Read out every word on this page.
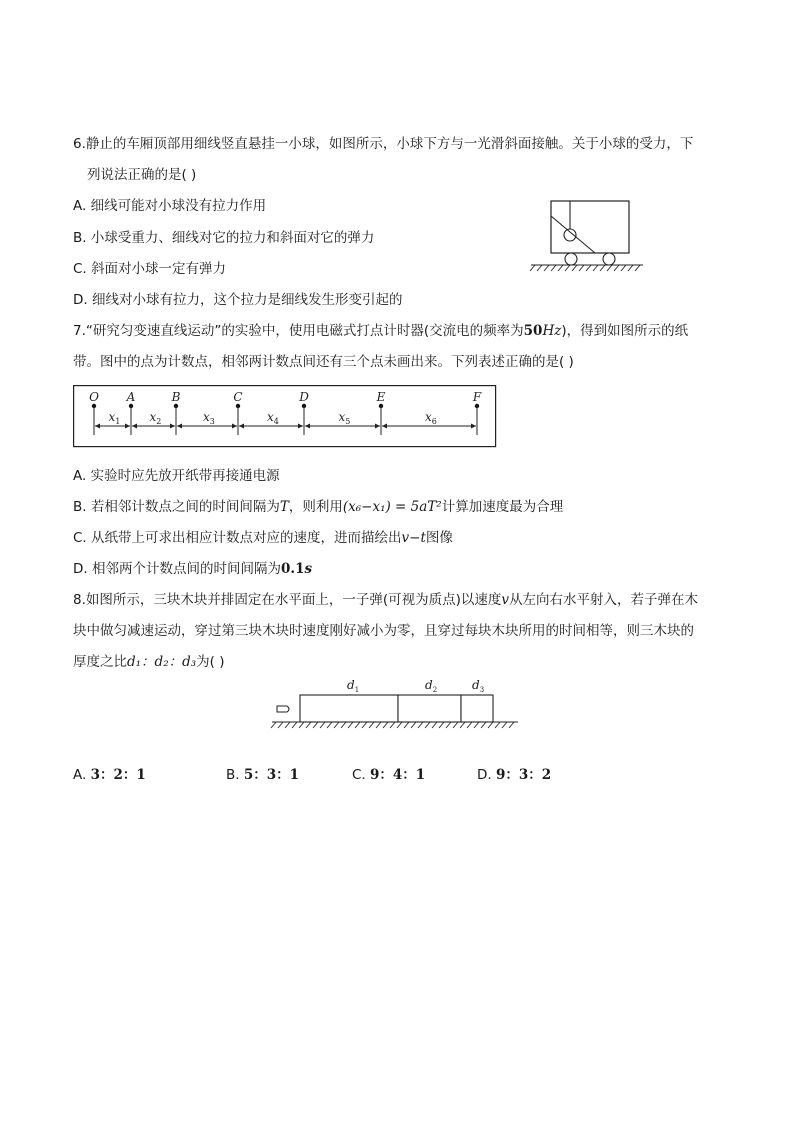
6.静止的车厢顶部用细线竖直悬挂一小球，如图所示，小球下方与一光滑斜面接触。关于小球的受力，下
列说法正确的是( )
A. 细线可能对小球没有拉力作用
B. 小球受重力、细线对它的拉力和斜面对它的弹力
C. 斜面对小球一定有弹力
D. 细线对小球有拉力，这个拉力是细线发生形变引起的
7.“研究匀变速直线运动”的实验中，使用电磁式打点计时器(交流电的频率为50Hz)，得到如图所示的纸
带。图中的点为计数点，相邻两计数点间还有三个点未画出来。下列表述正确的是( )
O A	B	C	D	E	F
$x_1$ $x_2$	$x_3$	$x_4$	$x_5$	$x_6$
A. 实验时应先放开纸带再接通电源
B. 若相邻计数点之间的时间间隔为T，则利用(x₆−x₁) = 5aT²计算加速度最为合理
C. 从纸带上可求出相应计数点对应的速度，进而描绘出v−t图像
D. 相邻两个计数点间的时间间隔为0.1s
8.如图所示，三块木块并排固定在水平面上，一子弹(可视为质点)以速度v从左向右水平射入，若子弹在木
块中做匀减速运动，穿过第三块木块时速度刚好减小为零，且穿过每块木块所用的时间相等，则三木块的
厚度之比d₁：d₂：d₃为( )
$d_1$	$d_2$	$d_3$
A. 3：2：1	B. 5：3：1	C. 9：4：1	D. 9：3：2
